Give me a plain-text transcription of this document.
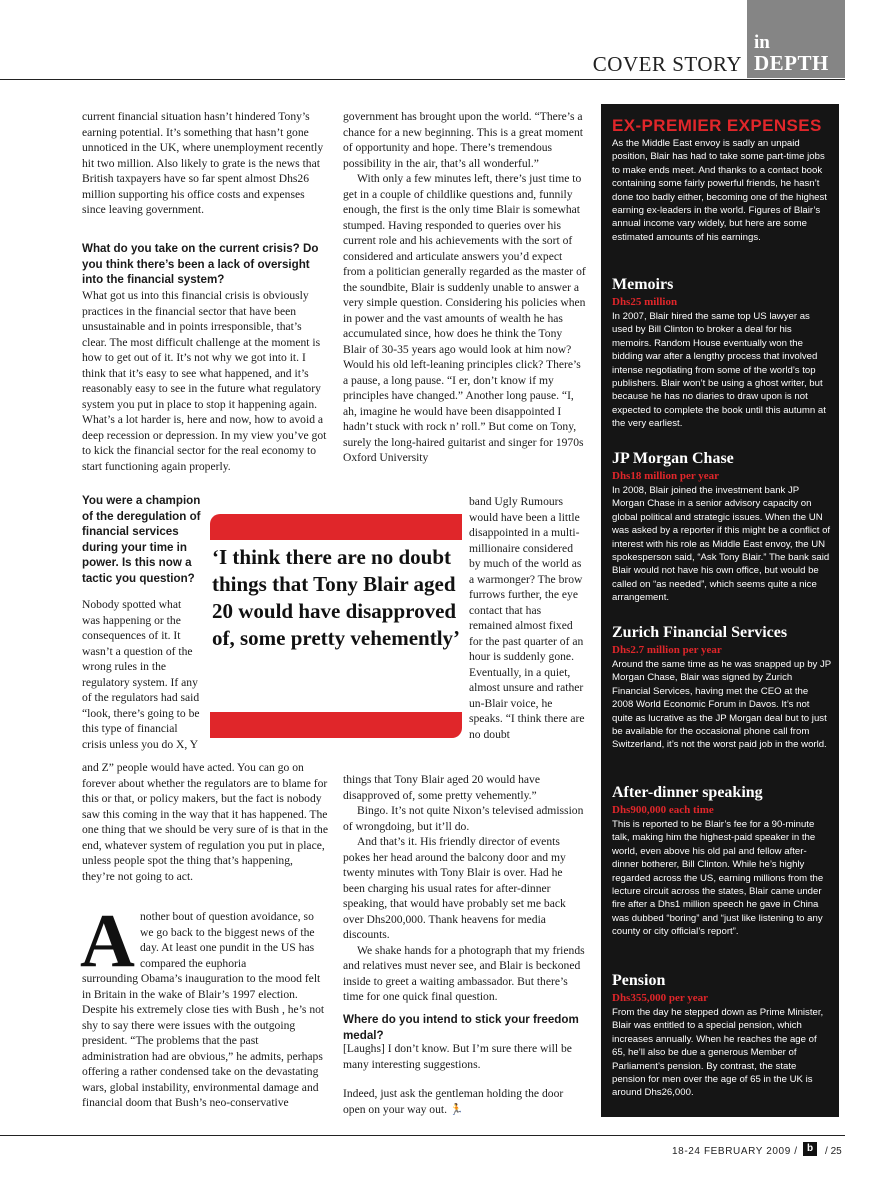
in
DEPTH
COVER STORY
current financial situation hasn’t hindered Tony’s earning potential. It’s something that hasn’t gone unnoticed in the UK, where unemployment recently hit two million. Also likely to grate is the news that British taxpayers have so far spent almost Dhs26 million supporting his office costs and expenses since leaving government.
What do you take on the current crisis? Do you think there’s been a lack of oversight into the financial system?
What got us into this financial crisis is obviously practices in the financial sector that have been unsustainable and in points irresponsible, that’s clear. The most difficult challenge at the moment is how to get out of it. It’s not why we got into it. I think that it’s easy to see what happened, and it’s reasonably easy to see in the future what regulatory system you put in place to stop it happening again. What’s a lot harder is, here and now, how to avoid a deep recession or depression. In my view you’ve got to kick the financial sector for the real economy to start functioning again properly.
You were a champion of the deregulation of financial services during your time in power. Is this now a tactic you question?
Nobody spotted what was happening or the consequences of it. It wasn’t a question of the wrong rules in the regulatory system. If any of the regulators had said “look, there’s going to be this type of financial crisis unless you do X, Y
and Z” people would have acted. You can go on forever about whether the regulators are to blame for this or that, or policy makers, but the fact is nobody saw this coming in the way that it has happened. The one thing that we should be very sure of is that in the end, whatever system of regulation you put in place, unless people spot the thing that’s happening, they’re not going to act.
A nother bout of question avoidance, so we go back to the biggest news of the day. At least one pundit in the US has compared the euphoria
surrounding Obama’s inauguration to the mood felt in Britain in the wake of Blair’s 1997 election. Despite his extremely close ties with Bush , he’s not shy to say there were issues with the outgoing president. “The problems that the past administration had are obvious,” he admits, perhaps offering a rather condensed take on the devastating wars, global instability, environmental damage and financial doom that Bush’s neo-conservative

government has brought upon the world. “There’s a chance for a new beginning. This is a great moment of opportunity and hope. There’s tremendous possibility in the air, that’s all wonderful.”

With only a few minutes left, there’s just time to get in a couple of childlike questions and, funnily enough, the first is the only time Blair is somewhat stumped. Having responded to queries over his current role and his achievements with the sort of considered and articulate answers you’d expect from a politician generally regarded as the master of the soundbite, Blair is suddenly unable to answer a very simple question. Considering his policies when in power and the vast amounts of wealth he has accumulated since, how does he think the Tony Blair of 30-35 years ago would look at him now? Would his old left-leaning principles click? There’s a pause, a long pause. “I er, don’t know if my principles have changed.” Another long pause. “I, ah, imagine he would have been disappointed I hadn’t stuck with rock n’ roll.” But come on Tony, surely the long-haired guitarist and singer for 1970s Oxford University

band Ugly Rumours would have been a little disappointed in a multi-millionaire considered by much of the world as a warmonger? The brow furrows further, the eye contact that has remained almost fixed for the past quarter of an hour is suddenly gone. Eventually, in a quiet, almost unsure and rather un-Blair voice, he speaks. “I think there are no doubt

things that Tony Blair aged 20 would have disapproved of, some pretty vehemently.”

Bingo. It’s not quite Nixon’s televised admission of wrongdoing, but it’ll do.

And that’s it. His friendly director of events pokes her head around the balcony door and my twenty minutes with Tony Blair is over. Had he been charging his usual rates for after-dinner speaking, that would have probably set me back over Dhs200,000. Thank heavens for media discounts.

We shake hands for a photograph that my friends and relatives must never see, and Blair is beckoned inside to greet a waiting ambassador. But there’s time for one quick final question.

Where do you intend to stick your freedom medal?
[Laughs] I don’t know. But I’m sure there will be many interesting suggestions.
Indeed, just ask the gentleman holding the door open on your way out. 🏃
‘I think there are no doubt things that Tony Blair aged 20 would have disapproved of, some pretty vehemently’
EX-PREMIER EXPENSES
As the Middle East envoy is sadly an unpaid position, Blair has had to take some part-time jobs to make ends meet. And thanks to a contact book containing some fairly powerful friends, he hasn’t done too badly either, becoming one of the highest earning ex-leaders in the world. Figures of Blair’s annual income vary widely, but here are some estimated amounts of his earnings.
Memoirs
Dhs25 million
In 2007, Blair hired the same top US lawyer as used by Bill Clinton to broker a deal for his memoirs. Random House eventually won the bidding war after a lengthy process that involved intense negotiating from some of the world’s top publishers. Blair won’t be using a ghost writer, but because he has no diaries to draw upon is not expected to complete the book until this autumn at the very earliest.
JP Morgan Chase
Dhs18 million per year
In 2008, Blair joined the investment bank JP Morgan Chase in a senior advisory capacity on global political and strategic issues. When the UN was asked by a reporter if this might be a conflict of interest with his role as Middle East envoy, the UN spokesperson said, “Ask Tony Blair.” The bank said Blair would not have his own office, but would be called on “as needed”, which seems quite a nice arrangement.
Zurich Financial Services
Dhs2.7 million per year
Around the same time as he was snapped up by JP Morgan Chase, Blair was signed by Zurich Financial Services, having met the CEO at the 2008 World Economic Forum in Davos. It’s not quite as lucrative as the JP Morgan deal but to just be available for the occasional phone call from Switzerland, it’s not the worst paid job in the world.
After-dinner speaking
Dhs900,000 each time
This is reported to be Blair’s fee for a 90-minute talk, making him the highest-paid speaker in the world, even above his old pal and fellow after-dinner botherer, Bill Clinton. While he’s highly regarded across the US, earning millions from the lecture circuit across the states, Blair came under fire after a Dhs1 million speech he gave in China was dubbed “boring” and “just like listening to any county or city official’s report”.
Pension
Dhs355,000 per year
From the day he stepped down as Prime Minister, Blair was entitled to a special pension, which increases annually. When he reaches the age of 65, he’ll also be due a generous Member of Parliament’s pension. By contrast, the state pension for men over the age of 65 in the UK is around Dhs26,000.
18-24 FEBRUARY 2009 / b	/ 25
